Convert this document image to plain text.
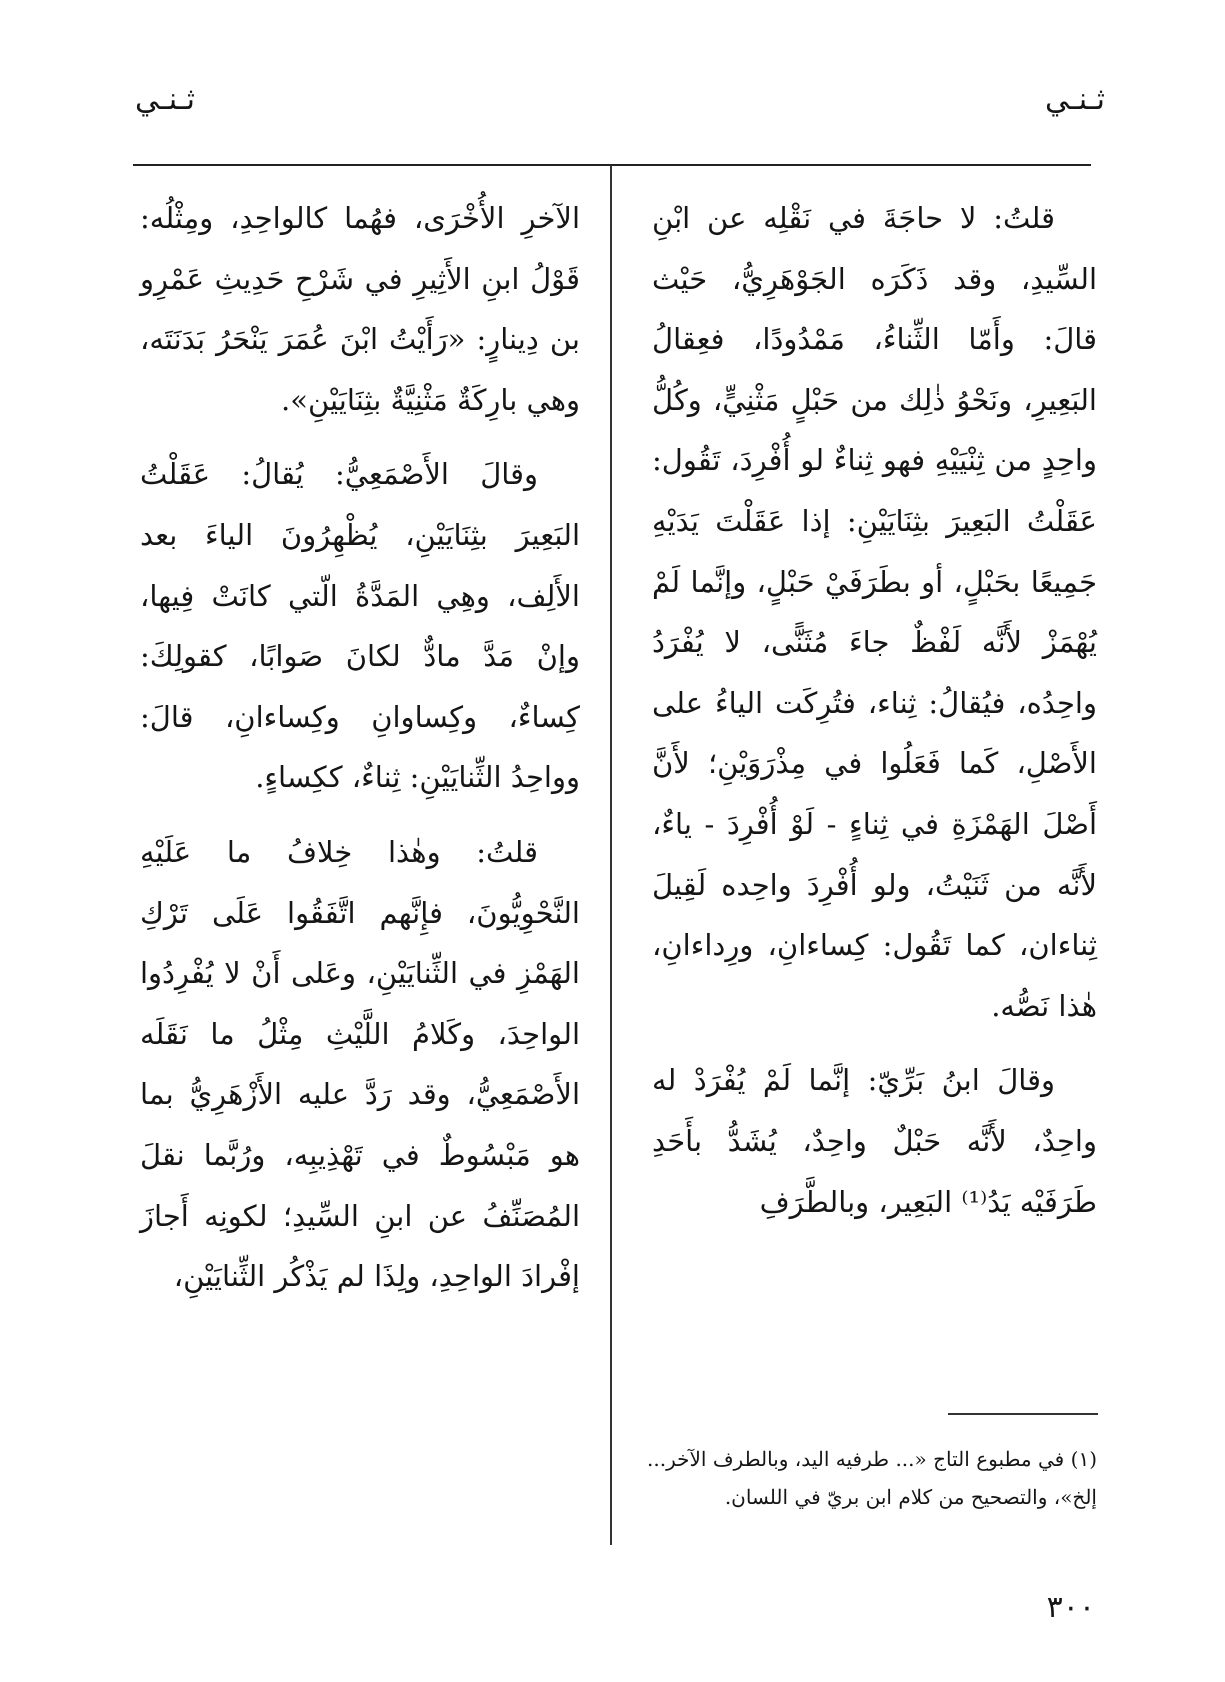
ثـنـي
ثـنـي

قلتُ: لا حاجَةَ في نَقْلِه عن ابْنِ السِّيدِ، وقد ذَكَرَه الجَوْهَرِيُّ، حَيْث قالَ: وأَمّا الثِّناءُ، مَمْدُودًا، فعِقالُ البَعِيرِ، ونَحْوُ ذٰلِك من حَبْلٍ مَثْنِيٍّ، وكُلُّ واحِدٍ من ثِنْيَيْهِ فهو ثِناءٌ لو أُفْرِدَ، تَقُول: عَقَلْتُ البَعِيرَ بثِنَايَيْنِ: إذا عَقَلْتَ يَدَيْهِ جَمِيعًا بحَبْلٍ، أو بطَرَفَيْ حَبْلٍ، وإنَّما لَمْ يُهْمَزْ لأَنَّه لَفْظٌ جاءَ مُثَنًّى، لا يُفْرَدُ واحِدُه، فيُقالُ: ثِناء، فتُرِكَت الياءُ على الأَصْلِ، كَما فَعَلُوا في مِذْرَوَيْنِ؛ لأَنَّ أَصْلَ الهَمْزَةِ في ثِناءٍ - لَوْ أُفْرِدَ - ياءٌ، لأَنَّه من ثَنَيْتُ، ولو أُفْرِدَ واحِده لَقِيلَ ثِناءان، كما تَقُول: كِساءانِ، ورِداءانِ، هٰذا نَصُّه.

وقالَ ابنُ بَرِّيّ: إنَّما لَمْ يُفْرَدْ له واحِدٌ، لأَنَّه حَبْلٌ واحِدٌ، يُشَدُّ بأَحَدِ طَرَفَيْه يَدُ⁽¹⁾ البَعِير، وبالطَّرَفِ

الآخرِ الأُخْرَى، فهُما كالواحِدِ، ومِثْلُه: قَوْلُ ابنِ الأَثِيرِ في شَرْحِ حَدِيثِ عَمْرِو بن دِينارٍ: «رَأَيْتُ ابْنَ عُمَرَ يَنْحَرُ بَدَنَتَه، وهي بارِكَةٌ مَثْنِيَّةٌ بثِنَايَيْنِ».

وقالَ الأَصْمَعِيُّ: يُقالُ: عَقَلْتُ البَعِيرَ بثِنَايَيْنِ، يُظْهِرُونَ الياءَ بعد الأَلِف، وهِي المَدَّةُ الّتي كانَتْ فِيها، وإنْ مَدَّ مادٌّ لكانَ صَوابًا، كقولِكَ: كِساءٌ، وكِساوانِ وكِساءانِ، قالَ: وواحِدُ الثِّنايَيْنِ: ثِناءٌ، ككِساءٍ.

قلتُ: وهٰذا خِلافُ ما عَلَيْهِ النَّحْوِيُّونَ، فإِنَّهم اتَّفَقُوا عَلَى تَرْكِ الهَمْزِ في الثِّنايَيْنِ، وعَلى أَنْ لا يُفْرِدُوا الواحِدَ، وكَلامُ اللَّيْثِ مِثْلُ ما نَقَلَه الأَصْمَعِيُّ، وقد رَدَّ عليه الأَزْهَرِيُّ بما هو مَبْسُوطٌ في تَهْذِيبِه، ورُبَّما نقلَ المُصَنِّفُ عن ابنِ السِّيدِ؛ لكونِه أَجازَ إفْرادَ الواحِدِ، ولِذَا لم يَذْكُر الثِّنايَيْنِ،

(١) في مطبوع التاج «... طرفيه اليد، وبالطرف الآخر... إلخ»، والتصحيح من كلام ابن بريّ في اللسان.
٣٠٠
